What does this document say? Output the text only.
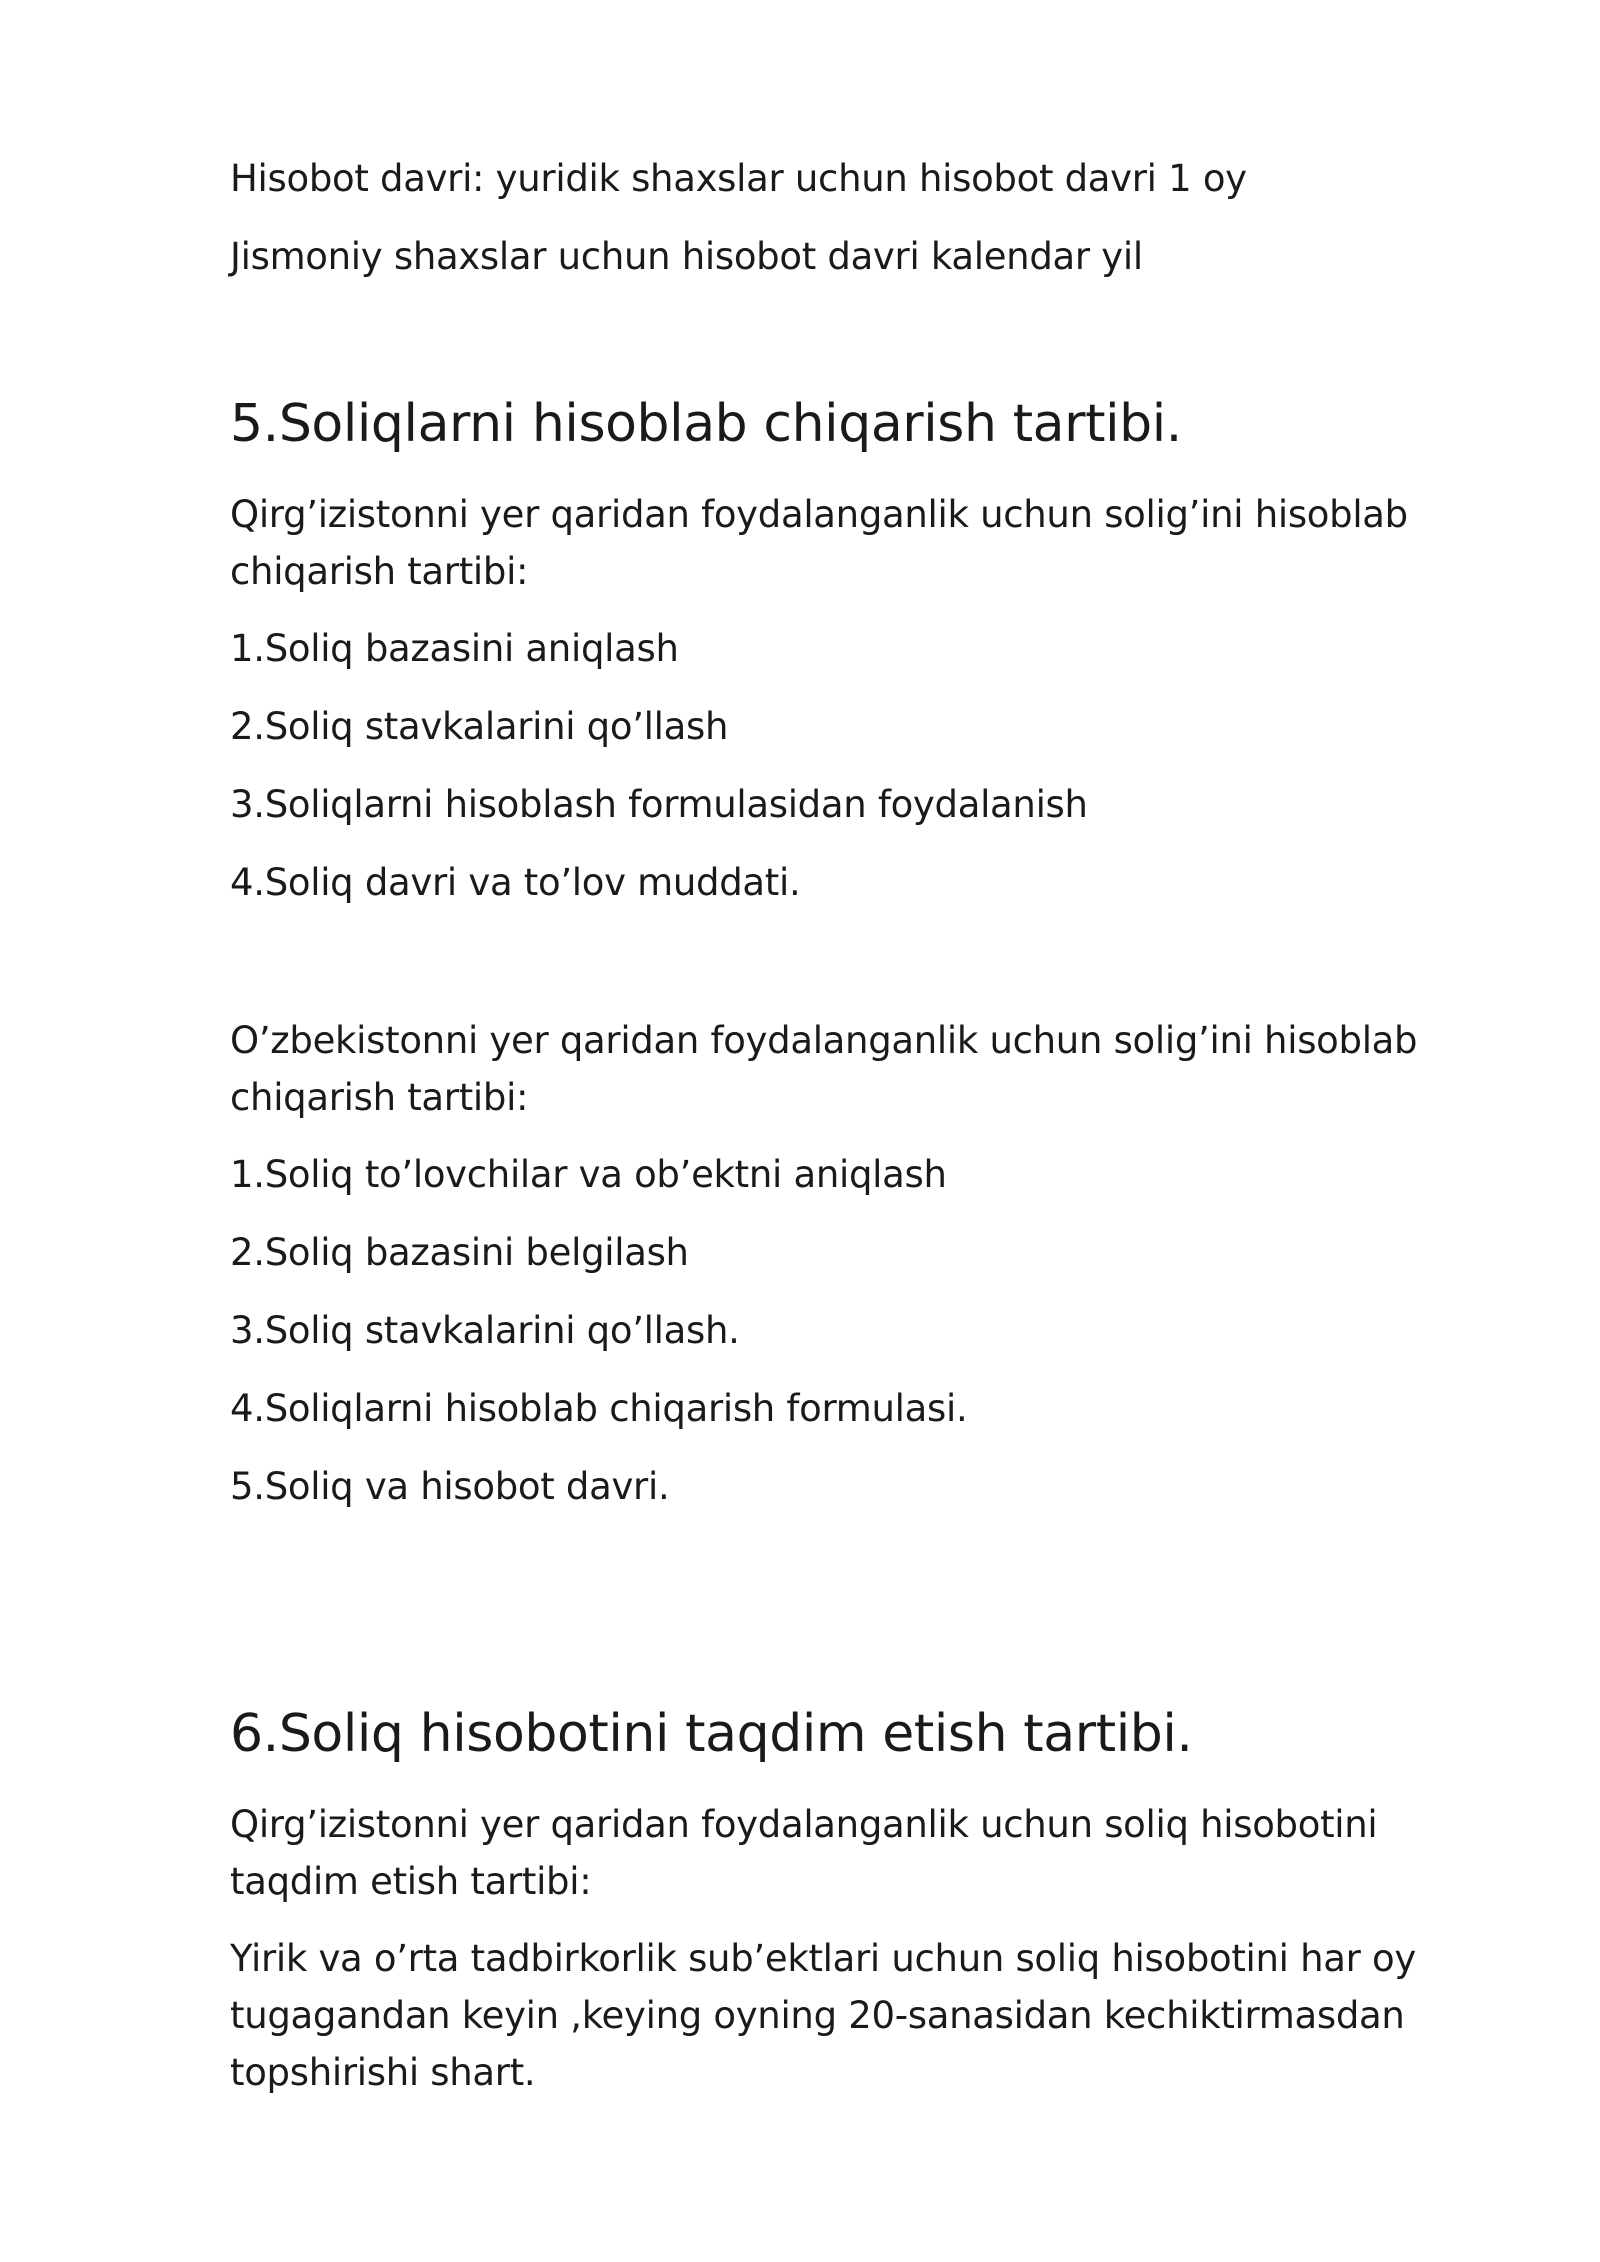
Hisobot davri: yuridik shaxslar uchun hisobot davri 1 oy

Jismoniy shaxslar uchun hisobot davri kalendar yil

5.Soliqlarni hisoblab chiqarish tartibi.

Qirg’izistonni yer qaridan foydalanganlik uchun solig’ini hisoblab chiqarish tartibi:

1.Soliq bazasini aniqlash

2.Soliq stavkalarini qo’llash

3.Soliqlarni hisoblash formulasidan foydalanish

4.Soliq davri va to’lov muddati.

O’zbekistonni yer qaridan foydalanganlik uchun solig’ini hisoblab chiqarish tartibi:

1.Soliq to’lovchilar va ob’ektni aniqlash

2.Soliq bazasini belgilash

3.Soliq stavkalarini qo’llash.

4.Soliqlarni hisoblab chiqarish formulasi.

5.Soliq va hisobot davri.

6.Soliq hisobotini taqdim etish tartibi.

Qirg’izistonni yer qaridan foydalanganlik uchun soliq hisobotini taqdim etish tartibi:

Yirik va o’rta tadbirkorlik sub’ektlari uchun soliq hisobotini har oy tugagandan keyin ,keying oyning 20-sanasidan kechiktirmasdan topshirishi shart.
